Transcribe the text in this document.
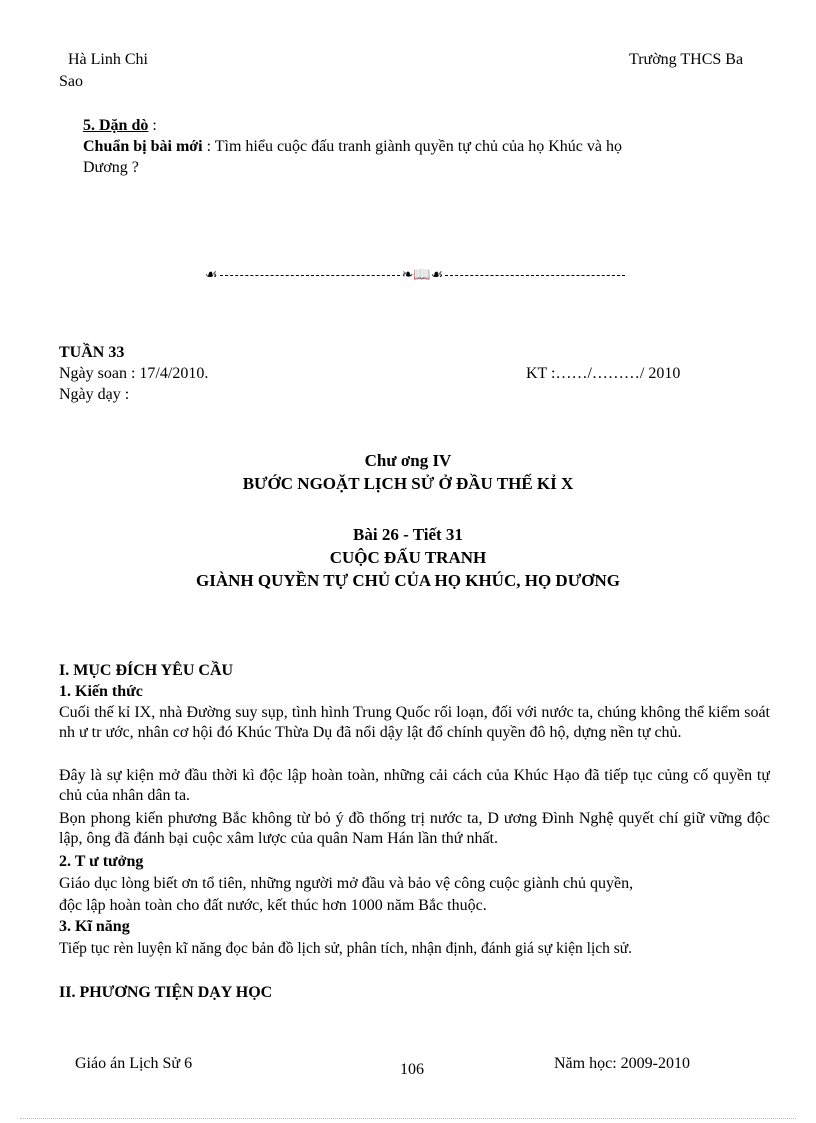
Hà Linh Chi
Sao
Trường THCS Ba
5. Dặn dò :
Chuẩn bị bài mới : Tìm hiểu cuộc đấu tranh giành quyền tự chủ của họ Khúc và họ
Dương ?
☙	❧📖☙
TUẦN 33
Ngày soan : 17/4/2010.	KT :……/………/ 2010
Ngày dạy :
Chư ơng IV
BƯỚC NGOẶT LỊCH SỬ Ở ĐẦU THẾ KỈ X
Bài 26 - Tiết 31
CUỘC ĐẤU TRANH
GIÀNH QUYỀN TỰ CHỦ CỦA HỌ KHÚC, HỌ DƯƠNG
I. MỤC ĐÍCH YÊU CẦU
1. Kiến thức
Cuối thế kỉ IX, nhà Đường suy sụp, tình hình Trung Quốc rối loạn, đối với nước ta, chúng không thể kiểm soát nh ư tr ước, nhân cơ hội đó Khúc Thừa Dụ đã nổi dậy lật đổ chính quyền đô hộ, dựng nền tự chủ.
Đây là sự kiện mở đầu thời kì độc lập hoàn toàn, những cải cách của Khúc Hạo đã tiếp tục củng cố quyền tự chủ của nhân dân ta.
Bọn phong kiến phương Bắc không từ bỏ ý đồ thống trị nước ta, D ương Đình Nghệ quyết chí giữ vững độc lập, ông đã đánh bại cuộc xâm lược của quân Nam Hán lần thứ nhất.
2. T ư tưởng
Giáo dục lòng biết ơn tổ tiên, những người mở đầu và bảo vệ công cuộc giành chủ quyền,
độc lập hoàn toàn cho đất nước, kết thúc hơn 1000 năm Bắc thuộc.
3. Kĩ năng
Tiếp tục rèn luyện kĩ năng đọc bản đồ lịch sử, phân tích, nhận định, đánh giá sự kiện lịch sử.
II. PHƯƠNG TIỆN DẠY HỌC
Giáo án Lịch Sử 6	106	Năm học: 2009-2010
